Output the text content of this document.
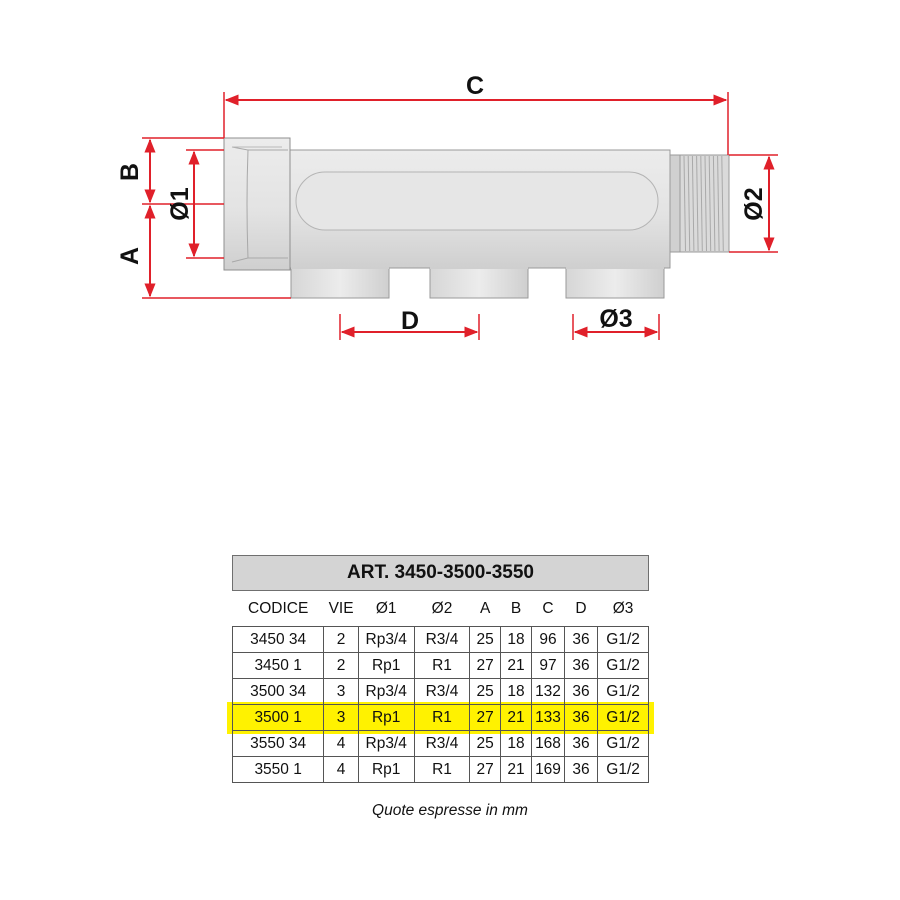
C
B
A
Ø1	Ø2
D	Ø3
ART. 3450-3500-3550
CODICE	VIE	Ø1	Ø2	A	B	C	D	Ø3
3450 34	2	Rp3/4	R3/4	25	18	96	36	G1/2
3450 1	2	Rp1	R1	27	21	97	36	G1/2
3500 34	3	Rp3/4	R3/4	25	18	132	36	G1/2
3500 1	3	Rp1	R1	27	21	133	36	G1/2
3550 34	4	Rp3/4	R3/4	25	18	168	36	G1/2
3550 1	4	Rp1	R1	27	21	169	36	G1/2
Quote espresse in mm
